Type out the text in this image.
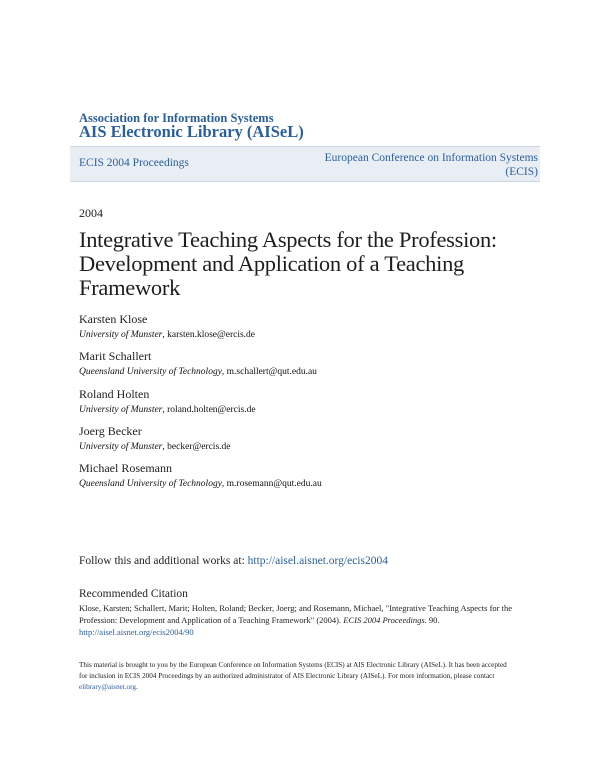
Association for Information Systems
AIS Electronic Library (AISeL)
ECIS 2004 Proceedings	European Conference on Information Systems
(ECIS)
2004
Integrative Teaching Aspects for the Profession:
Development and Application of a Teaching
Framework
Karsten Klose
University of Munster, karsten.klose@ercis.de
Marit Schallert
Queensland University of Technology, m.schallert@qut.edu.au
Roland Holten
University of Munster, roland.holten@ercis.de
Joerg Becker
University of Munster, becker@ercis.de
Michael Rosemann
Queensland University of Technology, m.rosemann@qut.edu.au
Follow this and additional works at: http://aisel.aisnet.org/ecis2004
Recommended Citation
Klose, Karsten; Schallert, Marit; Holten, Roland; Becker, Joerg; and Rosemann, Michael, "Integrative Teaching Aspects for the
Profession: Development and Application of a Teaching Framework" (2004). ECIS 2004 Proceedings. 90.
http://aisel.aisnet.org/ecis2004/90
This material is brought to you by the European Conference on Information Systems (ECIS) at AIS Electronic Library (AISeL). It has been accepted
for inclusion in ECIS 2004 Proceedings by an authorized administrator of AIS Electronic Library (AISeL). For more information, please contact
elibrary@aisnet.org.
